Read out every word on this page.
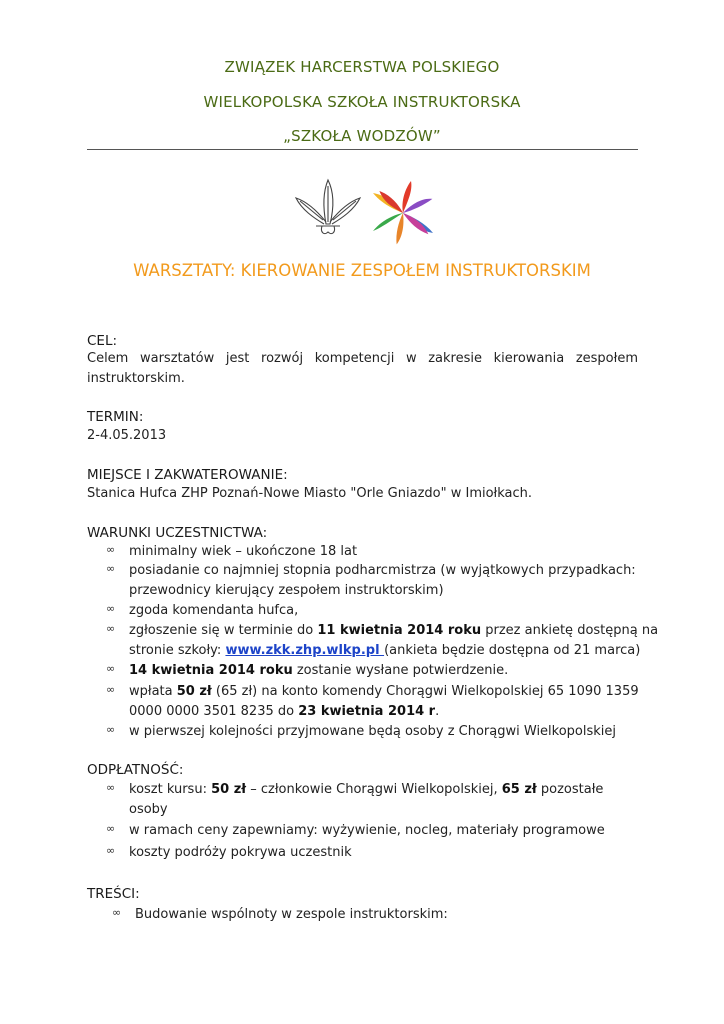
ZWIĄZEK HARCERSTWA POLSKIEGO
WIELKOPOLSKA SZKOŁA INSTRUKTORSKA
„SZKOŁA WODZÓW”
WARSZTATY: KIEROWANIE ZESPOŁEM INSTRUKTORSKIM
CEL:
Celem warsztatów jest rozwój kompetencji w zakresie kierowania zespołem
instruktorskim.
TERMIN:
2-4.05.2013
MIEJSCE I ZAKWATEROWANIE:
Stanica Hufca ZHP Poznań-Nowe Miasto "Orle Gniazdo" w Imiołkach.
WARUNKI UCZESTNICTWA:
∞	minimalny wiek – ukończone 18 lat
∞	posiadanie co najmniej stopnia podharcmistrza (w wyjątkowych przypadkach:
przewodnicy kierujący zespołem instruktorskim)
∞	zgoda komendanta hufca,
∞	zgłoszenie się w terminie do 11 kwietnia 2014 roku przez ankietę dostępną na
stronie szkoły: www.zkk.zhp.wlkp.pl (ankieta będzie dostępna od 21 marca)
∞	14 kwietnia 2014 roku zostanie wysłane potwierdzenie.
∞	wpłata 50 zł (65 zł) na konto komendy Chorągwi Wielkopolskiej 65 1090 1359
0000 0000 3501 8235 do 23 kwietnia 2014 r.
∞	w pierwszej kolejności przyjmowane będą osoby z Chorągwi Wielkopolskiej
ODPŁATNOŚĆ:
∞	koszt kursu: 50 zł – członkowie Chorągwi Wielkopolskiej, 65 zł pozostałe
osoby
∞	w ramach ceny zapewniamy: wyżywienie, nocleg, materiały programowe
∞	koszty podróży pokrywa uczestnik
TREŚCI:
∞	Budowanie wspólnoty w zespole instruktorskim:
